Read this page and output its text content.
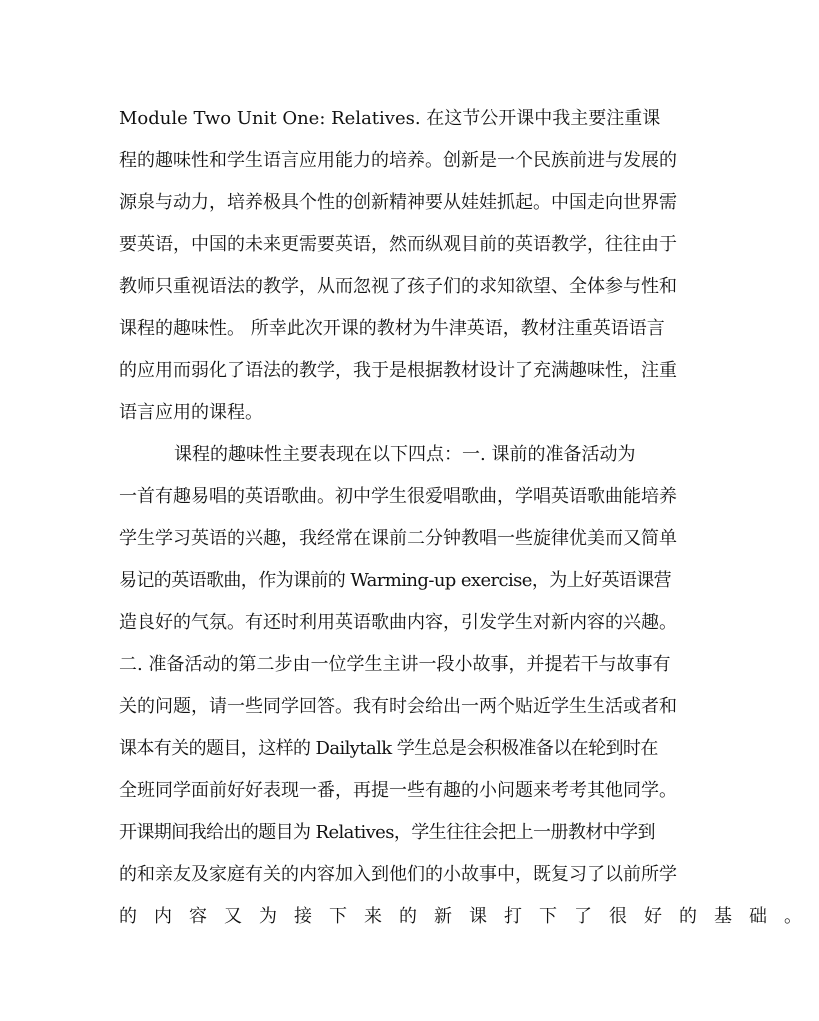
Module Two Unit One: Relatives. 在这节公开课中我主要注重课
程的趣味性和学生语言应用能力的培养。创新是一个民族前进与发展的
源泉与动力，培养极具个性的创新精神要从娃娃抓起。中国走向世界需
要英语，中国的未来更需要英语，然而纵观目前的英语教学，往往由于
教师只重视语法的教学，从而忽视了孩子们的求知欲望、全体参与性和
课程的趣味性。 所幸此次开课的教材为牛津英语，教材注重英语语言
的应用而弱化了语法的教学，我于是根据教材设计了充满趣味性，注重
语言应用的课程。
课程的趣味性主要表现在以下四点：一. 课前的准备活动为
一首有趣易唱的英语歌曲。初中学生很爱唱歌曲，学唱英语歌曲能培养
学生学习英语的兴趣，我经常在课前二分钟教唱一些旋律优美而又简单
易记的英语歌曲，作为课前的 Warming-up exercise，为上好英语课营
造良好的气氛。有还时利用英语歌曲内容，引发学生对新内容的兴趣。
二. 准备活动的第二步由一位学生主讲一段小故事，并提若干与故事有
关的问题，请一些同学回答。我有时会给出一两个贴近学生生活或者和
课本有关的题目，这样的 Dailytalk 学生总是会积极准备以在轮到时在
全班同学面前好好表现一番，再提一些有趣的小问题来考考其他同学。
开课期间我给出的题目为 Relatives，学生往往会把上一册教材中学到
的和亲友及家庭有关的内容加入到他们的小故事中，既复习了以前所学
的内容又为接下来的新课打下了很好的基础。
